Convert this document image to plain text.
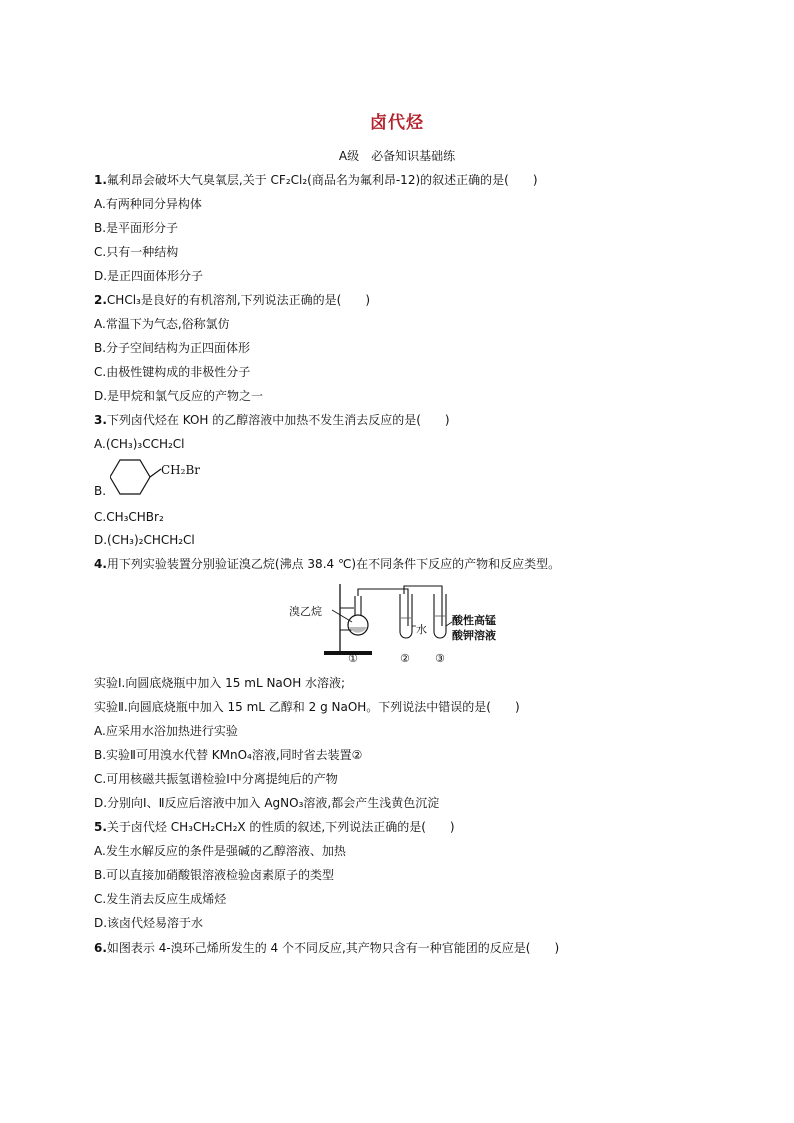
卤代烃
A级　必备知识基础练
1.氟利昂会破坏大气臭氧层,关于 CF₂Cl₂(商品名为氟利昂-12)的叙述正确的是(　　)
A.有两种同分异构体
B.是平面形分子
C.只有一种结构
D.是正四面体形分子
2.CHCl₃是良好的有机溶剂,下列说法正确的是(　　)
A.常温下为气态,俗称氯仿
B.分子空间结构为正四面体形
C.由极性键构成的非极性分子
D.是甲烷和氯气反应的产物之一
3.下列卤代烃在 KOH 的乙醇溶液中加热不发生消去反应的是(　　)
A.(CH₃)₃CCH₂Cl
B.
CH₂Br
C.CH₃CHBr₂
D.(CH₃)₂CHCH₂Cl
4.用下列实验装置分别验证溴乙烷(沸点 38.4 ℃)在不同条件下反应的产物和反应类型。
溴乙烷
水
酸性高锰
酸钾溶液
①	② ③
实验Ⅰ.向圆底烧瓶中加入 15 mL NaOH 水溶液;
实验Ⅱ.向圆底烧瓶中加入 15 mL 乙醇和 2 g NaOH。下列说法中错误的是(　　)
A.应采用水浴加热进行实验
B.实验Ⅱ可用溴水代替 KMnO₄溶液,同时省去装置②
C.可用核磁共振氢谱检验Ⅰ中分离提纯后的产物
D.分别向Ⅰ、Ⅱ反应后溶液中加入 AgNO₃溶液,都会产生浅黄色沉淀
5.关于卤代烃 CH₃CH₂CH₂X 的性质的叙述,下列说法正确的是(　　)
A.发生水解反应的条件是强碱的乙醇溶液、加热
B.可以直接加硝酸银溶液检验卤素原子的类型
C.发生消去反应生成烯烃
D.该卤代烃易溶于水
6.如图表示 4-溴环己烯所发生的 4 个不同反应,其产物只含有一种官能团的反应是(　　)
